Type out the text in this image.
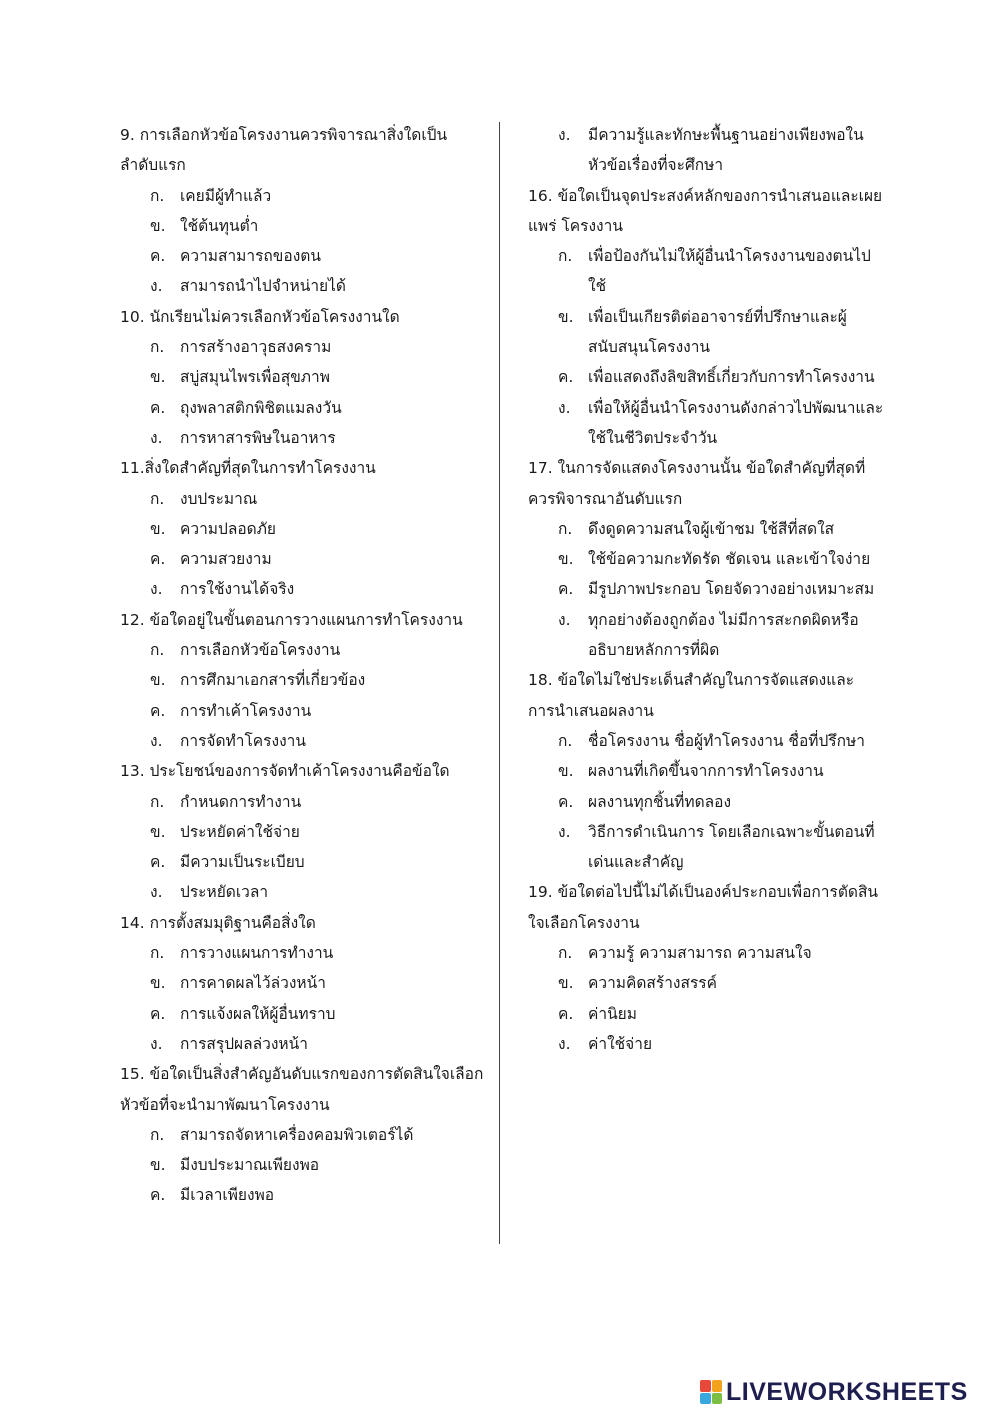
9. การเลือกหัวข้อโครงงานควรพิจารณาสิ่งใดเป็นลำดับแรก

ก. เคยมีผู้ทำแล้ว
ข. ใช้ต้นทุนต่ำ
ค. ความสามารถของตน
ง. สามารถนำไปจำหน่ายได้

10. นักเรียนไม่ควรเลือกหัวข้อโครงงานใด

ก. การสร้างอาวุธสงคราม
ข. สบู่สมุนไพรเพื่อสุขภาพ
ค. ถุงพลาสติกพิชิตแมลงวัน
ง. การหาสารพิษในอาหาร

11.สิ่งใดสำคัญที่สุดในการทำโครงงาน

ก. งบประมาณ
ข. ความปลอดภัย
ค. ความสวยงาม
ง. การใช้งานได้จริง

12. ข้อใดอยู่ในขั้นตอนการวางแผนการทำโครงงาน

ก. การเลือกหัวข้อโครงงาน
ข. การศึกมาเอกสารที่เกี่ยวข้อง
ค. การทำเค้าโครงงาน
ง. การจัดทำโครงงาน

13. ประโยชน์ของการจัดทำเค้าโครงงานคือข้อใด

ก. กำหนดการทำงาน
ข. ประหยัดค่าใช้จ่าย
ค. มีความเป็นระเบียบ
ง. ประหยัดเวลา

14. การตั้งสมมุติฐานคือสิ่งใด

ก. การวางแผนการทำงาน
ข. การคาดผลไว้ล่วงหน้า
ค. การแจ้งผลให้ผู้อื่นทราบ
ง. การสรุปผลล่วงหน้า

15. ข้อใดเป็นสิ่งสำคัญอันดับแรกของการตัดสินใจเลือกหัวข้อที่จะนำมาพัฒนาโครงงาน

ก. สามารถจัดหาเครื่องคอมพิวเตอร์ได้
ข. มีงบประมาณเพียงพอ
ค. มีเวลาเพียงพอ
ง. มีความรู้และทักษะพื้นฐานอย่างเพียงพอในหัวข้อเรื่องที่จะศึกษา

16. ข้อใดเป็นจุดประสงค์หลักของการนำเสนอและเผยแพร่ โครงงาน

ก. เพื่อป้องกันไม่ให้ผู้อื่นนำโครงงานของตนไปใช้
ข. เพื่อเป็นเกียรติต่ออาจารย์ที่ปรึกษาและผู้สนับสนุนโครงงาน
ค. เพื่อแสดงถึงลิขสิทธิ์เกี่ยวกับการทำโครงงาน
ง. เพื่อให้ผู้อื่นนำโครงงานดังกล่าวไปพัฒนาและใช้ในชีวิตประจำวัน

17. ในการจัดแสดงโครงงานนั้น ข้อใดสำคัญที่สุดที่ควรพิจารณาอันดับแรก

ก. ดึงดูดความสนใจผู้เข้าชม ใช้สีที่สดใส
ข. ใช้ข้อความกะทัดรัด ชัดเจน และเข้าใจง่าย
ค. มีรูปภาพประกอบ โดยจัดวางอย่างเหมาะสม
ง. ทุกอย่างต้องถูกต้อง ไม่มีการสะกดผิดหรืออธิบายหลักการที่ผิด

18. ข้อใดไม่ใช่ประเด็นสำคัญในการจัดแสดงและการนำเสนอผลงาน

ก. ชื่อโครงงาน ชื่อผู้ทำโครงงาน ชื่อที่ปรึกษา
ข. ผลงานที่เกิดขึ้นจากการทำโครงงาน
ค. ผลงานทุกชิ้นที่ทดลอง
ง. วิธีการดำเนินการ โดยเลือกเฉพาะขั้นตอนที่เด่นและสำคัญ

19. ข้อใดต่อไปนี้ไม่ได้เป็นองค์ประกอบเพื่อการตัดสินใจเลือกโครงงาน

ก. ความรู้ ความสามารถ ความสนใจ
ข. ความคิดสร้างสรรค์
ค. ค่านิยม
ง. ค่าใช้จ่าย
LIVEWORKSHEETS
